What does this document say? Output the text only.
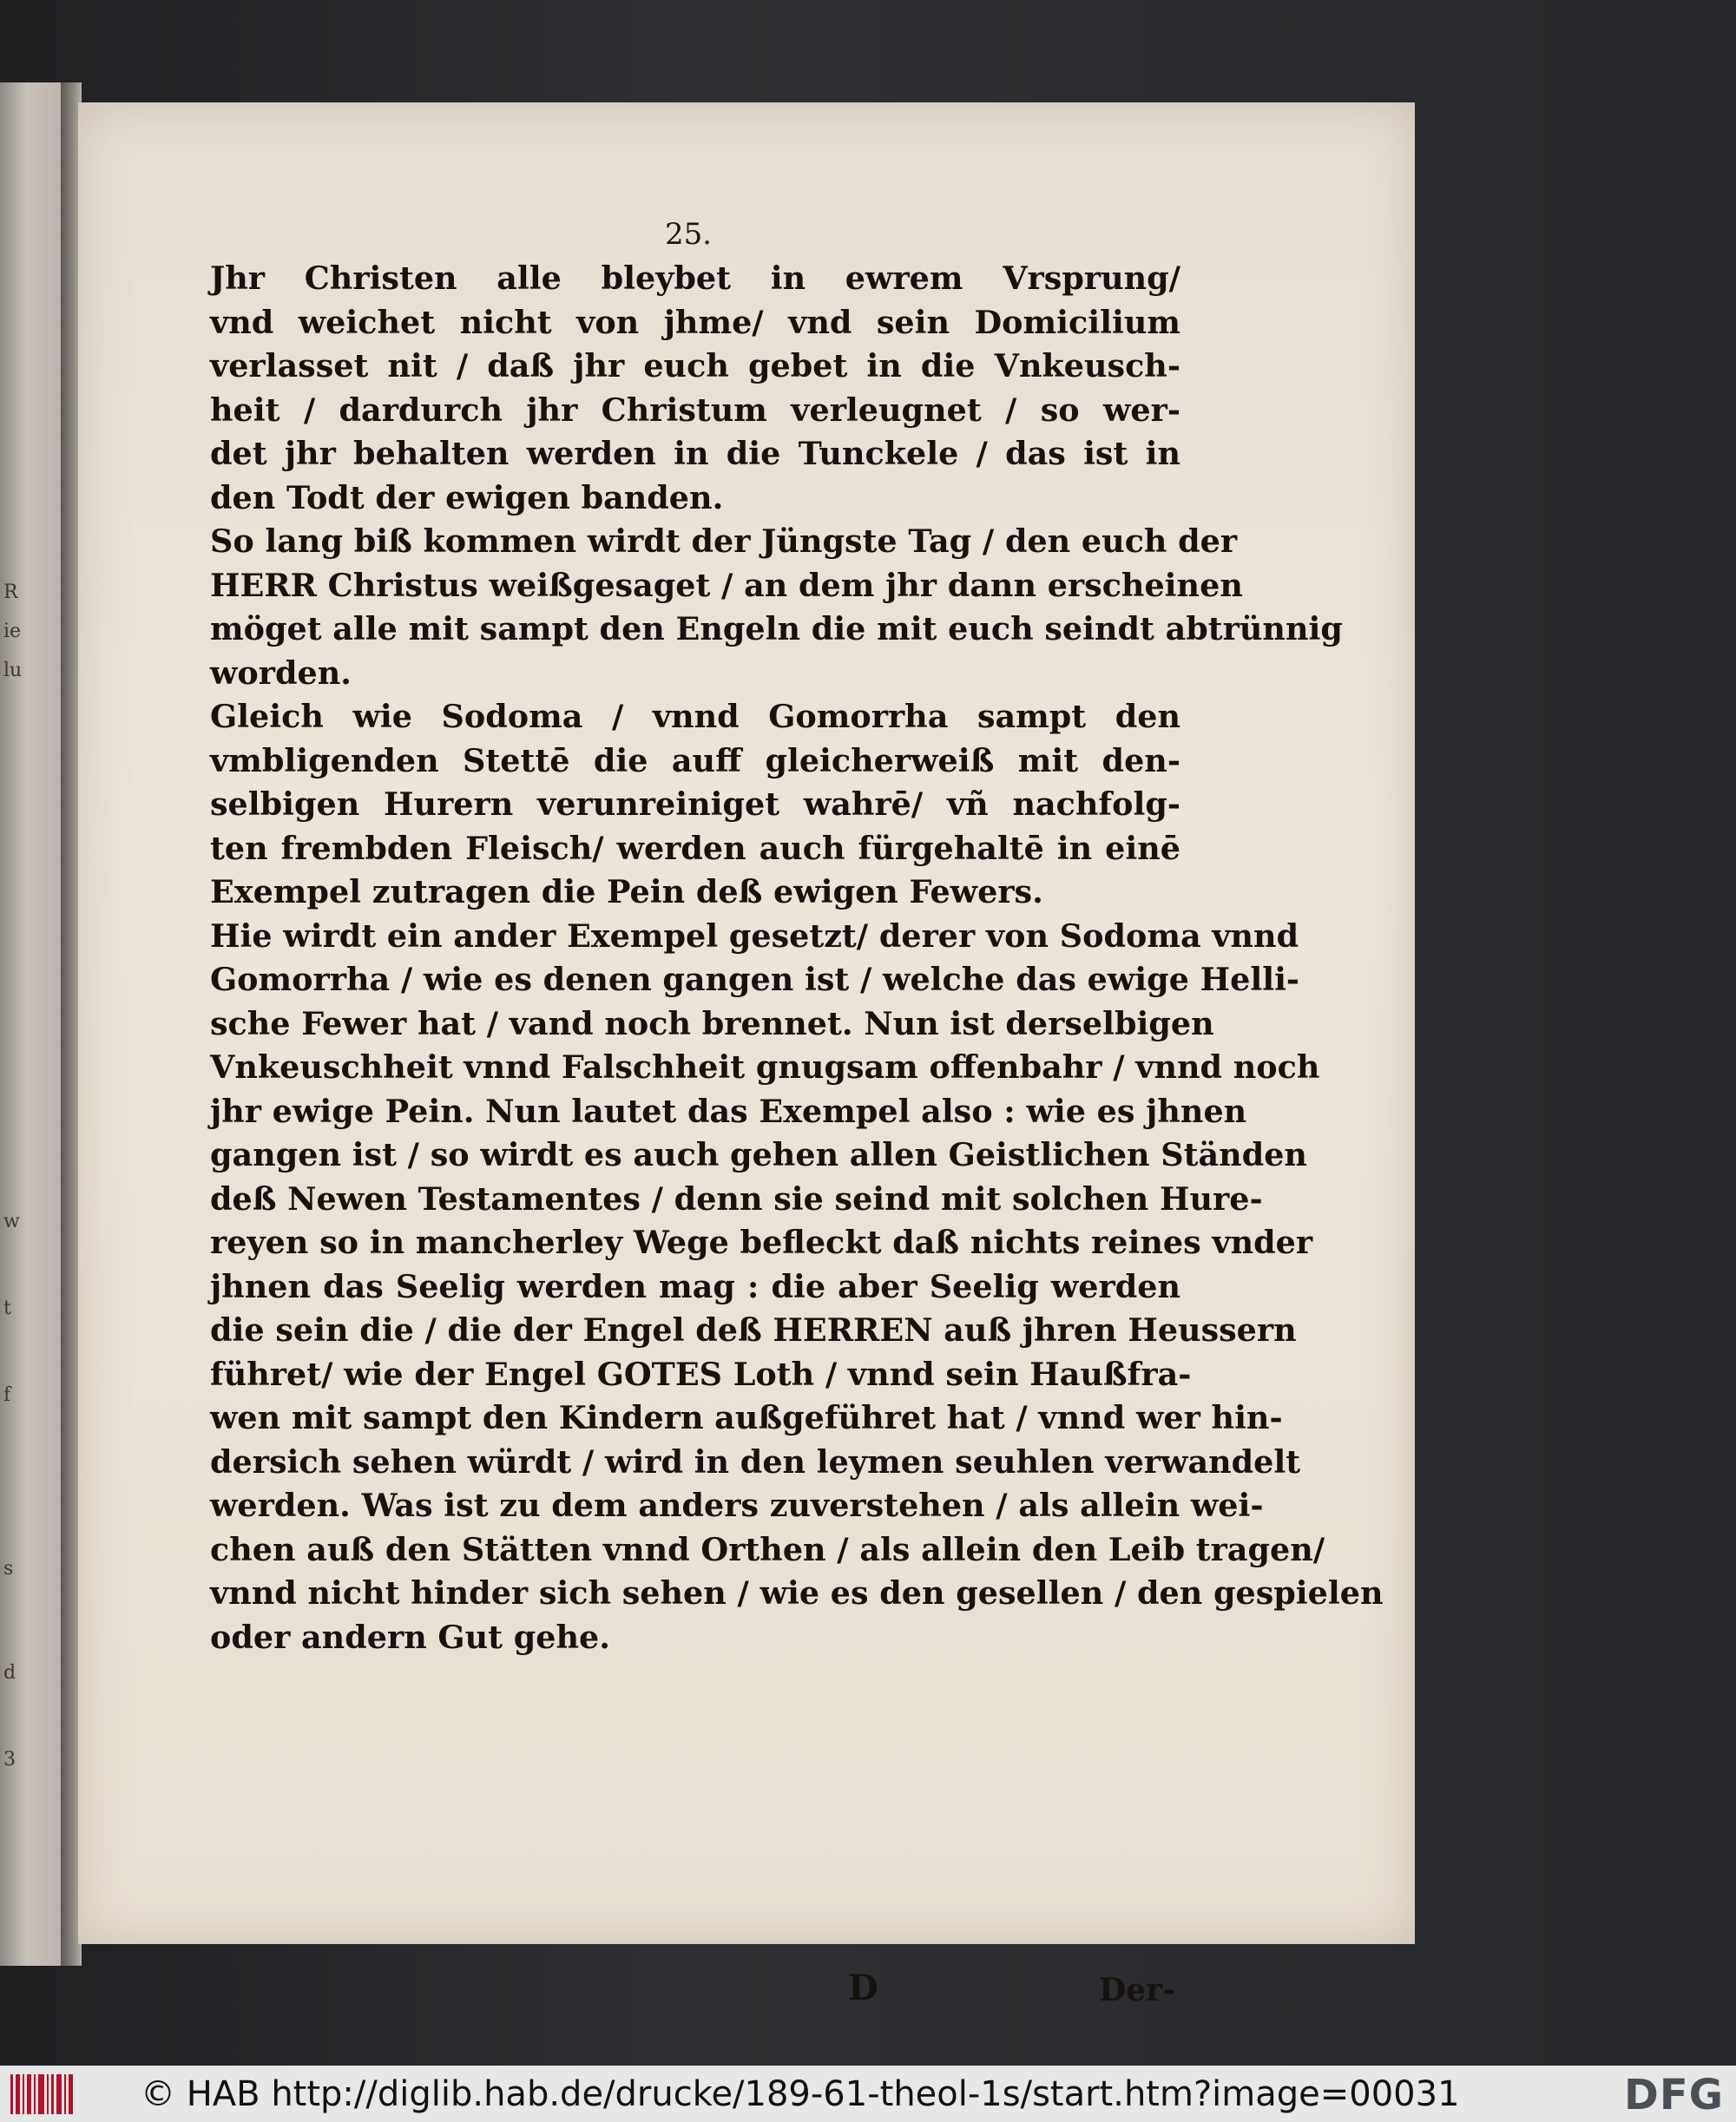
R
ie
lu
w
t
f
s
d
3
25.

Jhr Christen alle bleybet in ewrem Vrsprung/
vnd weichet nicht von jhme/ vnd sein Domicilium
verlasset nit / daß jhr euch gebet in die Vnkeusch-
heit / dardurch jhr Christum verleugnet / so wer-
det jhr behalten werden in die Tunckele / das ist in
den Todt der ewigen banden.

So lang biß kommen wirdt der Jüngste Tag / den euch der
HERR Christus weißgesaget / an dem jhr dann erscheinen
möget alle mit sampt den Engeln die mit euch seindt abtrünnig
worden.

Gleich wie Sodoma / vnnd Gomorrha sampt den
vmbligenden Stettē die auff gleicherweiß mit den-
selbigen Hurern verunreiniget wahrē/ vñ nachfolg-
ten frembden Fleisch/ werden auch fürgehaltē in einē
Exempel zutragen die Pein deß ewigen Fewers.

Hie wirdt ein ander Exempel gesetzt/ derer von Sodoma vnnd
Gomorrha / wie es denen gangen ist / welche das ewige Helli-
sche Fewer hat / vand noch brennet. Nun ist derselbigen
Vnkeuschheit vnnd Falschheit gnugsam offenbahr / vnnd noch
jhr ewige Pein. Nun lautet das Exempel also : wie es jhnen
gangen ist / so wirdt es auch gehen allen Geistlichen Ständen
deß Newen Testamentes / denn sie seind mit solchen Hure-
reyen so in mancherley Wege befleckt daß nichts reines vnder
jhnen das Seelig werden mag : die aber Seelig werden
die sein die / die der Engel deß HERREN auß jhren Heussern
führet/ wie der Engel GOTES Loth / vnnd sein Haußfra-
wen mit sampt den Kindern außgeführet hat / vnnd wer hin-
dersich sehen würdt / wird in den leymen seuhlen verwandelt
werden. Was ist zu dem anders zuverstehen / als allein wei-
chen auß den Stätten vnnd Orthen / als allein den Leib tragen/
vnnd nicht hinder sich sehen / wie es den gesellen / den gespielen
oder andern Gut gehe.

D	Der-
© HAB http://diglib.hab.de/drucke/189-61-theol-1s/start.htm?image=00031	DFG
